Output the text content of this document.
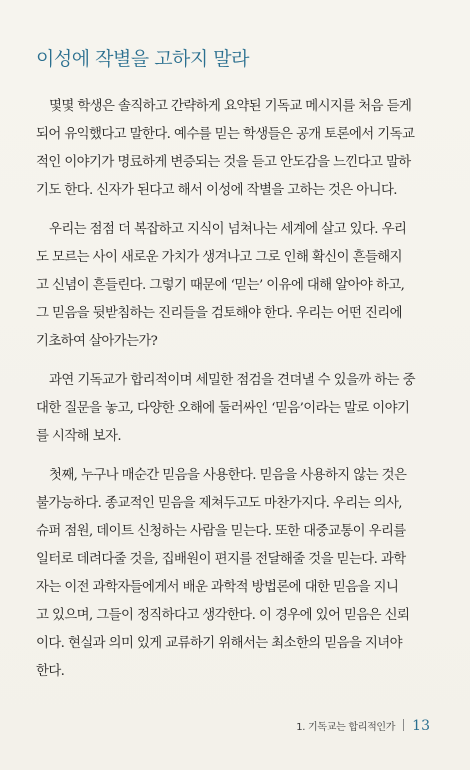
이성에 작별을 고하지 말라
몇몇 학생은 솔직하고 간략하게 요약된 기독교 메시지를 처음 듣게
되어 유익했다고 말한다. 예수를 믿는 학생들은 공개 토론에서 기독교
적인 이야기가 명료하게 변증되는 것을 듣고 안도감을 느낀다고 말하
기도 한다. 신자가 된다고 해서 이성에 작별을 고하는 것은 아니다.
우리는 점점 더 복잡하고 지식이 넘쳐나는 세계에 살고 있다. 우리
도 모르는 사이 새로운 가치가 생겨나고 그로 인해 확신이 흔들해지
고 신념이 흔들린다. 그렇기 때문에 ‘믿는’ 이유에 대해 알아야 하고,
그 믿음을 뒷받침하는 진리들을 검토해야 한다. 우리는 어떤 진리에
기초하여 살아가는가?
과연 기독교가 합리적이며 세밀한 점검을 견뎌낼 수 있을까 하는 중
대한 질문을 놓고, 다양한 오해에 둘러싸인 ‘믿음’이라는 말로 이야기
를 시작해 보자.
첫째, 누구나 매순간 믿음을 사용한다. 믿음을 사용하지 않는 것은
불가능하다. 종교적인 믿음을 제쳐두고도 마찬가지다. 우리는 의사,
슈퍼 점원, 데이트 신청하는 사람을 믿는다. 또한 대중교통이 우리를
일터로 데려다줄 것을, 집배원이 편지를 전달해줄 것을 믿는다. 과학
자는 이전 과학자들에게서 배운 과학적 방법론에 대한 믿음을 지니
고 있으며, 그들이 정직하다고 생각한다. 이 경우에 있어 믿음은 신뢰
이다. 현실과 의미 있게 교류하기 위해서는 최소한의 믿음을 지녀야
한다.
1. 기독교는 합리적인가 13
